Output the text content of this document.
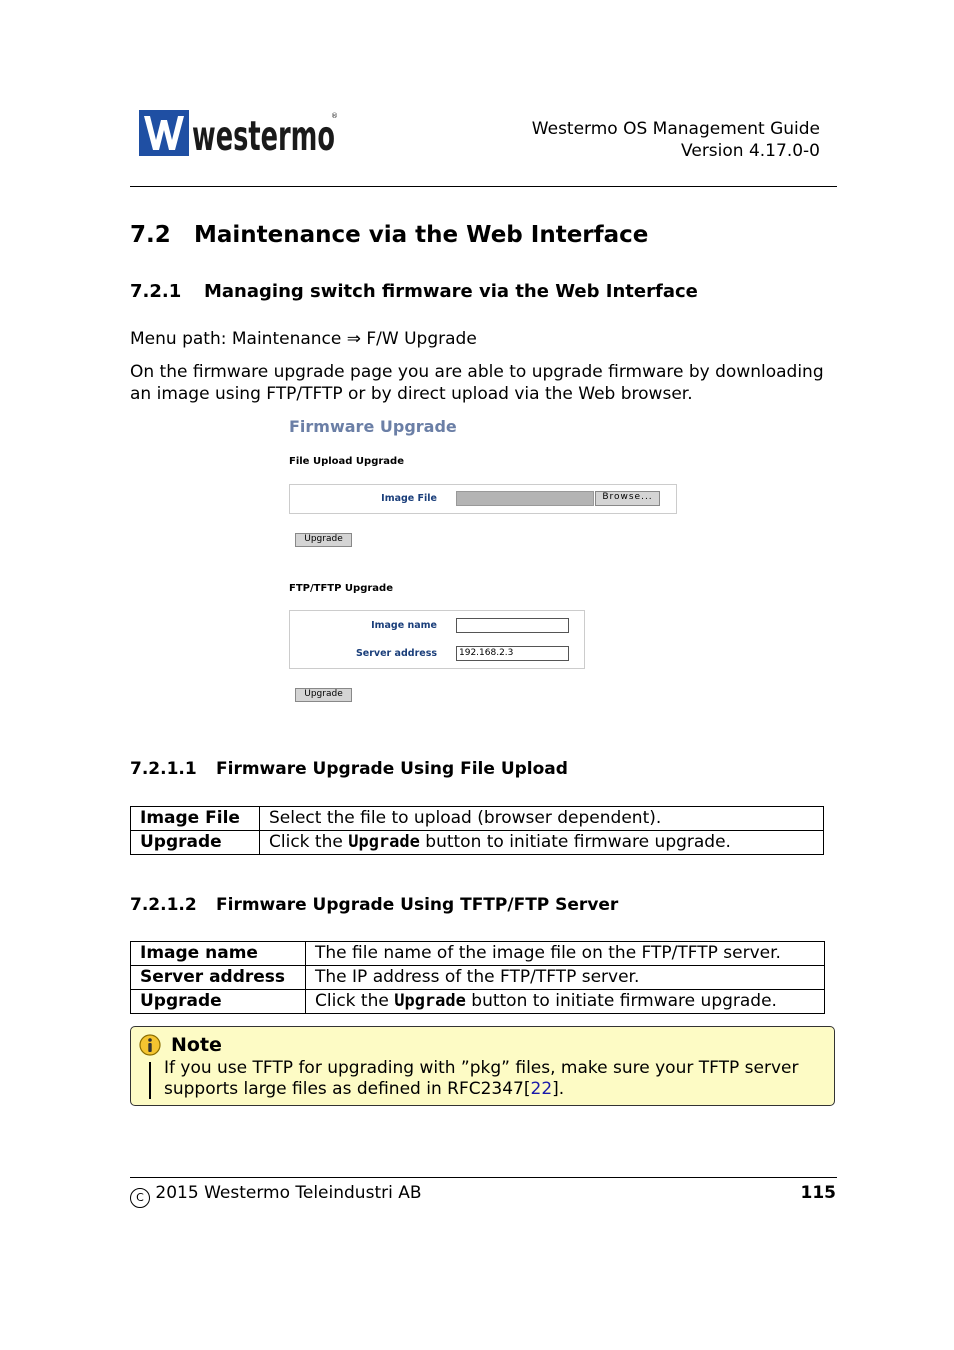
westermo
®
Westermo OS Management Guide
Version 4.17.0-0
7.2 Maintenance via the Web Interface
7.2.1 Managing switch firmware via the Web Interface
Menu path: Maintenance ⇒ F/W Upgrade
On the firmware upgrade page you are able to upgrade firmware by downloading an image using FTP/TFTP or by direct upload via the Web browser.
Firmware Upgrade
File Upload Upgrade
Image File	Browse...
Upgrade
FTP/TFTP Upgrade
Image name
Server address	192.168.2.3
Upgrade
7.2.1.1 Firmware Upgrade Using File Upload
Image File	Select the file to upload (browser dependent).
Upgrade	Click the Upgrade button to initiate firmware upgrade.
7.2.1.2 Firmware Upgrade Using TFTP/FTP Server
Image name	The file name of the image file on the FTP/TFTP server.
Server address	The IP address of the FTP/TFTP server.
Upgrade	Click the Upgrade button to initiate firmware upgrade.
Note
If you use TFTP for upgrading with ”pkg” files, make sure your TFTP server supports large files as defined in RFC2347[22].
C 2015 Westermo Teleindustri AB	115
